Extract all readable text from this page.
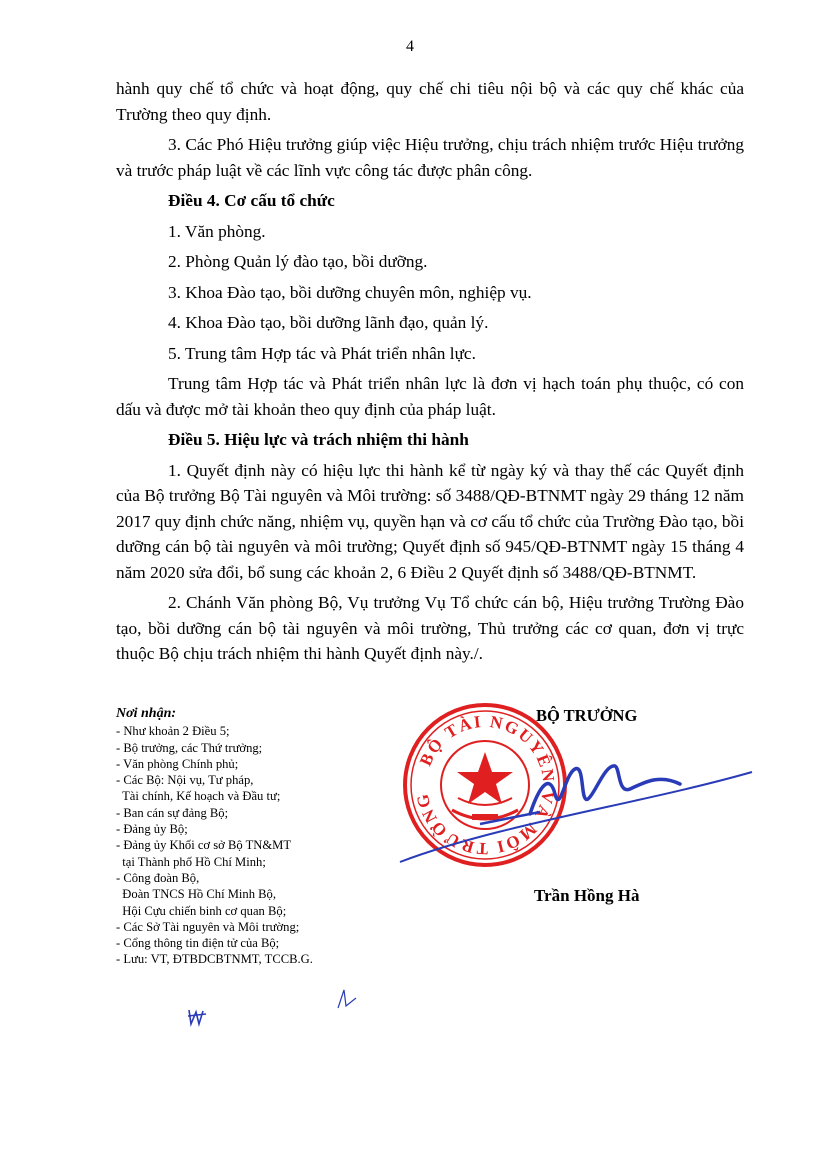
4

hành quy chế tổ chức và hoạt động, quy chế chi tiêu nội bộ và các quy chế khác của Trường theo quy định.

3. Các Phó Hiệu trưởng giúp việc Hiệu trưởng, chịu trách nhiệm trước Hiệu trưởng và trước pháp luật về các lĩnh vực công tác được phân công.

Điều 4. Cơ cấu tổ chức

1. Văn phòng.

2. Phòng Quản lý đào tạo, bồi dưỡng.

3. Khoa Đào tạo, bồi dưỡng chuyên môn, nghiệp vụ.

4. Khoa Đào tạo, bồi dưỡng lãnh đạo, quản lý.

5. Trung tâm Hợp tác và Phát triển nhân lực.

Trung tâm Hợp tác và Phát triển nhân lực là đơn vị hạch toán phụ thuộc, có con dấu và được mở tài khoản theo quy định của pháp luật.

Điều 5. Hiệu lực và trách nhiệm thi hành

1. Quyết định này có hiệu lực thi hành kể từ ngày ký và thay thế các Quyết định của Bộ trưởng Bộ Tài nguyên và Môi trường: số 3488/QĐ-BTNMT ngày 29 tháng 12 năm 2017 quy định chức năng, nhiệm vụ, quyền hạn và cơ cấu tổ chức của Trường Đào tạo, bồi dưỡng cán bộ tài nguyên và môi trường; Quyết định số 945/QĐ-BTNMT ngày 15 tháng 4 năm 2020 sửa đổi, bổ sung các khoản 2, 6 Điều 2 Quyết định số 3488/QĐ-BTNMT.

2. Chánh Văn phòng Bộ, Vụ trưởng Vụ Tổ chức cán bộ, Hiệu trưởng Trường Đào tạo, bồi dưỡng cán bộ tài nguyên và môi trường, Thủ trưởng các cơ quan, đơn vị trực thuộc Bộ chịu trách nhiệm thi hành Quyết định này./.

Nơi nhận:
- Như khoản 2 Điều 5;
- Bộ trưởng, các Thứ trưởng;
- Văn phòng Chính phủ;
- Các Bộ: Nội vụ, Tư pháp,
Tài chính, Kế hoạch và Đầu tư;
- Ban cán sự đảng Bộ;
- Đảng ủy Bộ;
- Đảng ủy Khối cơ sở Bộ TN&MT
tại Thành phố Hồ Chí Minh;
- Công đoàn Bộ,
Đoàn TNCS Hồ Chí Minh Bộ,
Hội Cựu chiến binh cơ quan Bộ;
- Các Sở Tài nguyên và Môi trường;
- Cổng thông tin điện tử của Bộ;
- Lưu: VT, ĐTBDCBTNMT, TCCB.G.
BỘ TÀI NGUYÊN VÀ MÔI TRƯỜNG
BỘ TRƯỞNG
Trần Hồng Hà
